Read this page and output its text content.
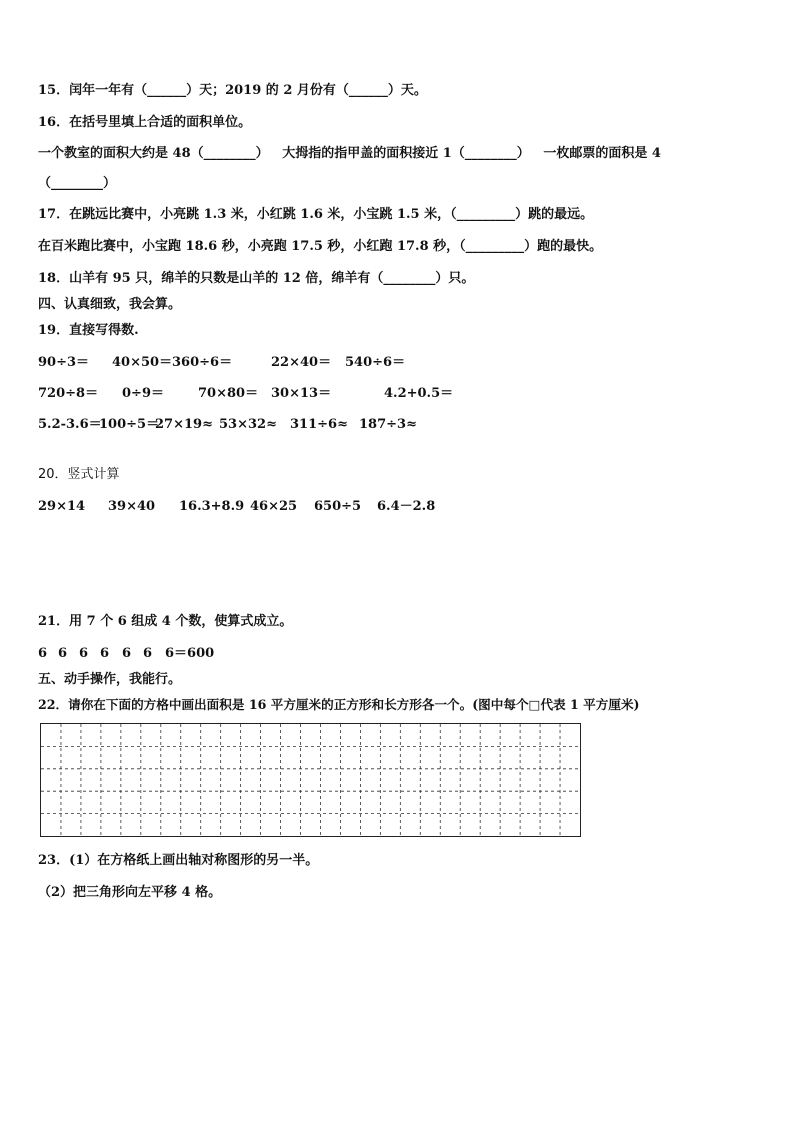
15．闰年一年有（______）天；2019 的 2 月份有（______）天。
16．在括号里填上合适的面积单位。
一个教室的面积大约是 48（________）   大拇指的指甲盖的面积接近 1（________）   一枚邮票的面积是 4
（________）
17．在跳远比赛中，小亮跳 1.3 米，小红跳 1.6 米，小宝跳 1.5 米，（_________）跳的最远。
在百米跑比赛中，小宝跑 18.6 秒，小亮跑 17.5 秒，小红跑 17.8 秒，（_________）跑的最快。
18．山羊有 95 只，绵羊的只数是山羊的 12 倍，绵羊有（________）只。
四、认真细致，我会算。
19．直接写得数.
90÷3＝ 40×50＝ 360÷6＝	22×40＝ 540÷6＝
720÷8＝ 0÷9＝	70×80＝ 30×13＝	4.2+0.5＝
5.2-3.6＝
100÷5＝
27×19≈ 53×32≈ 311÷6≈ 187÷3≈
20．竖式计算
29×14 39×40 16.3+8.9 46×25 650÷5 6.4－2.8
21．用 7 个 6 组成 4 个数，使算式成立。
6 6 6 6 6 6 6＝600
五、动手操作，我能行。
22．请你在下面的方格中画出面积是 16 平方厘米的正方形和长方形各一个。(图中每个□代表 1 平方厘米)
23．(1）在方格纸上画出轴对称图形的另一半。
（2）把三角形向左平移 4 格。
